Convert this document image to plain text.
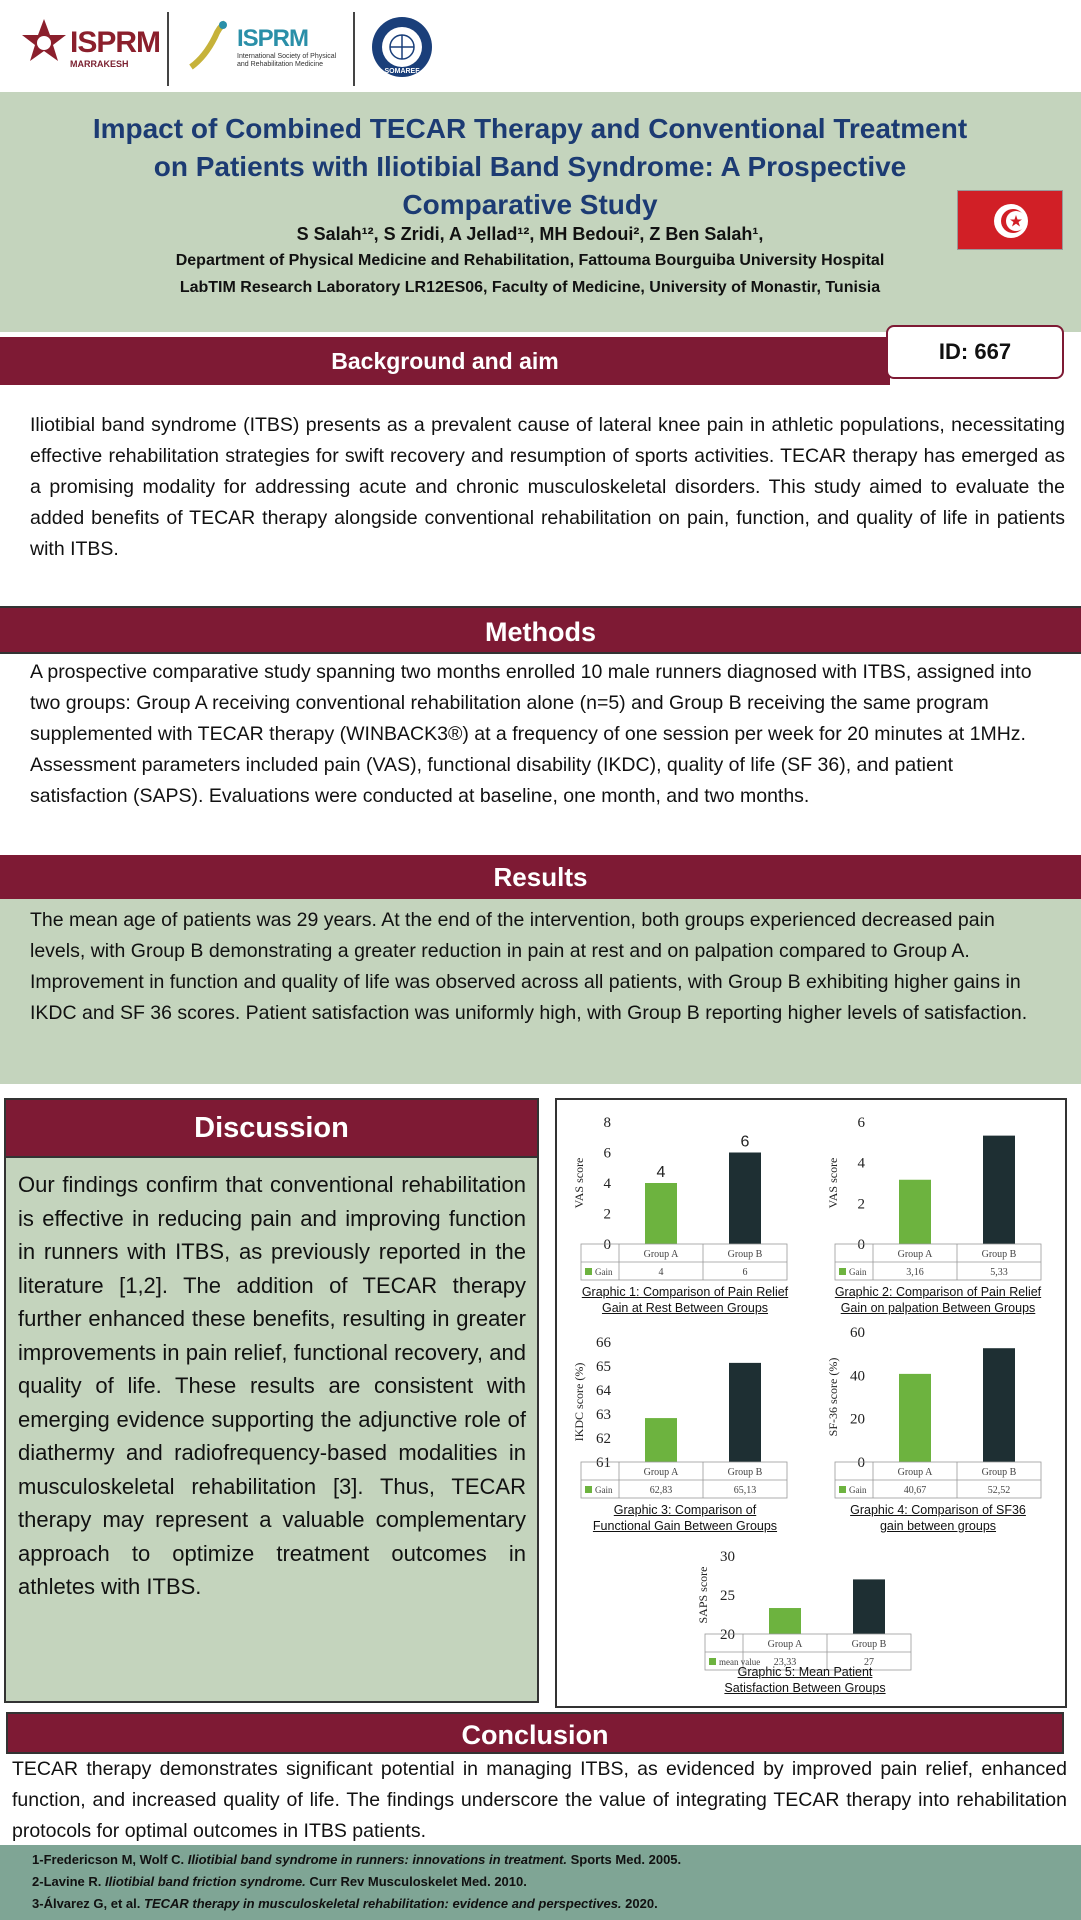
ISPRM
MARRAKESH
ISPRM
International Society of Physical
and Rehabilitation Medicine
SOMAREF
Impact of Combined TECAR Therapy and Conventional Treatment
on Patients with Iliotibial Band Syndrome: A Prospective
Comparative Study
S Salah¹², S Zridi, A Jellad¹², MH Bedoui², Z Ben Salah¹,
Department of Physical Medicine and Rehabilitation, Fattouma Bourguiba University Hospital
LabTIM Research Laboratory LR12ES06, Faculty of Medicine, University of Monastir, Tunisia
Background and aim	ID: 667
Iliotibial band syndrome (ITBS) presents as a prevalent cause of lateral knee pain in athletic populations, necessitating effective rehabilitation strategies for swift recovery and resumption of sports activities. TECAR therapy has emerged as a promising modality for addressing acute and chronic musculoskeletal disorders. This study aimed to evaluate the added benefits of TECAR therapy alongside conventional rehabilitation on pain, function, and quality of life in patients with ITBS.
Methods
A prospective comparative study spanning two months enrolled 10 male runners diagnosed with ITBS, assigned into two groups: Group A receiving conventional rehabilitation alone (n=5) and Group B receiving the same program supplemented with TECAR therapy (WINBACK3®) at a frequency of one session per week for 20 minutes at 1MHz. Assessment parameters included pain (VAS), functional disability (IKDC), quality of life (SF 36), and patient satisfaction (SAPS). Evaluations were conducted at baseline, one month, and two months.
Results
The mean age of patients was 29 years. At the end of the intervention, both groups experienced decreased pain levels, with Group B demonstrating a greater reduction in pain at rest and on palpation compared to Group A. Improvement in function and quality of life was observed across all patients, with Group B exhibiting higher gains in IKDC and SF 36 scores. Patient satisfaction was uniformly high, with Group B reporting higher levels of satisfaction.
Discussion
Our findings confirm that conventional rehabilitation is effective in reducing pain and improving function in runners with ITBS, as previously reported in the literature [1,2]. The addition of TECAR therapy further enhanced these benefits, resulting in greater improvements in pain relief, functional recovery, and quality of life. These results are consistent with emerging evidence supporting the adjunctive role of diathermy and radiofrequency-based modalities in musculoskeletal rehabilitation [3]. Thus, TECAR therapy may represent a valuable complementary approach to optimize treatment outcomes in athletes with ITBS.
0
2
4
6
8
VAS score	4
6
Group A
4
Group B
6
Gain
0
2
4
6
VAS score
Group A
3,16
Group B
5,33
Gain
61
62
63
64
65
66
IKDC score (%)
Group A
62,83
Group B
65,13
Gain
0
20
40
60
SF-36 score (%)
Group A
40,67
Group B
52,52
Gain
20
25
30
SAPS score
Group A
23,33
Group B
27
mean value
Graphic 1: Comparison of Pain Relief
Gain at Rest Between Groups
Graphic 2: Comparison of Pain Relief
Gain on palpation Between Groups
Graphic 3: Comparison of
Functional Gain Between Groups
Graphic 4: Comparison of SF36
gain between groups
Graphic 5: Mean Patient
Satisfaction Between Groups
Conclusion
TECAR therapy demonstrates significant potential in managing ITBS, as evidenced by improved pain relief, enhanced function, and increased quality of life. The findings underscore the value of integrating TECAR therapy into rehabilitation protocols for optimal outcomes in ITBS patients.
1-Fredericson M, Wolf C. Iliotibial band syndrome in runners: innovations in treatment. Sports Med. 2005.
2-Lavine R. Iliotibial band friction syndrome. Curr Rev Musculoskelet Med. 2010.
3-Álvarez G, et al. TECAR therapy in musculoskeletal rehabilitation: evidence and perspectives. 2020.
